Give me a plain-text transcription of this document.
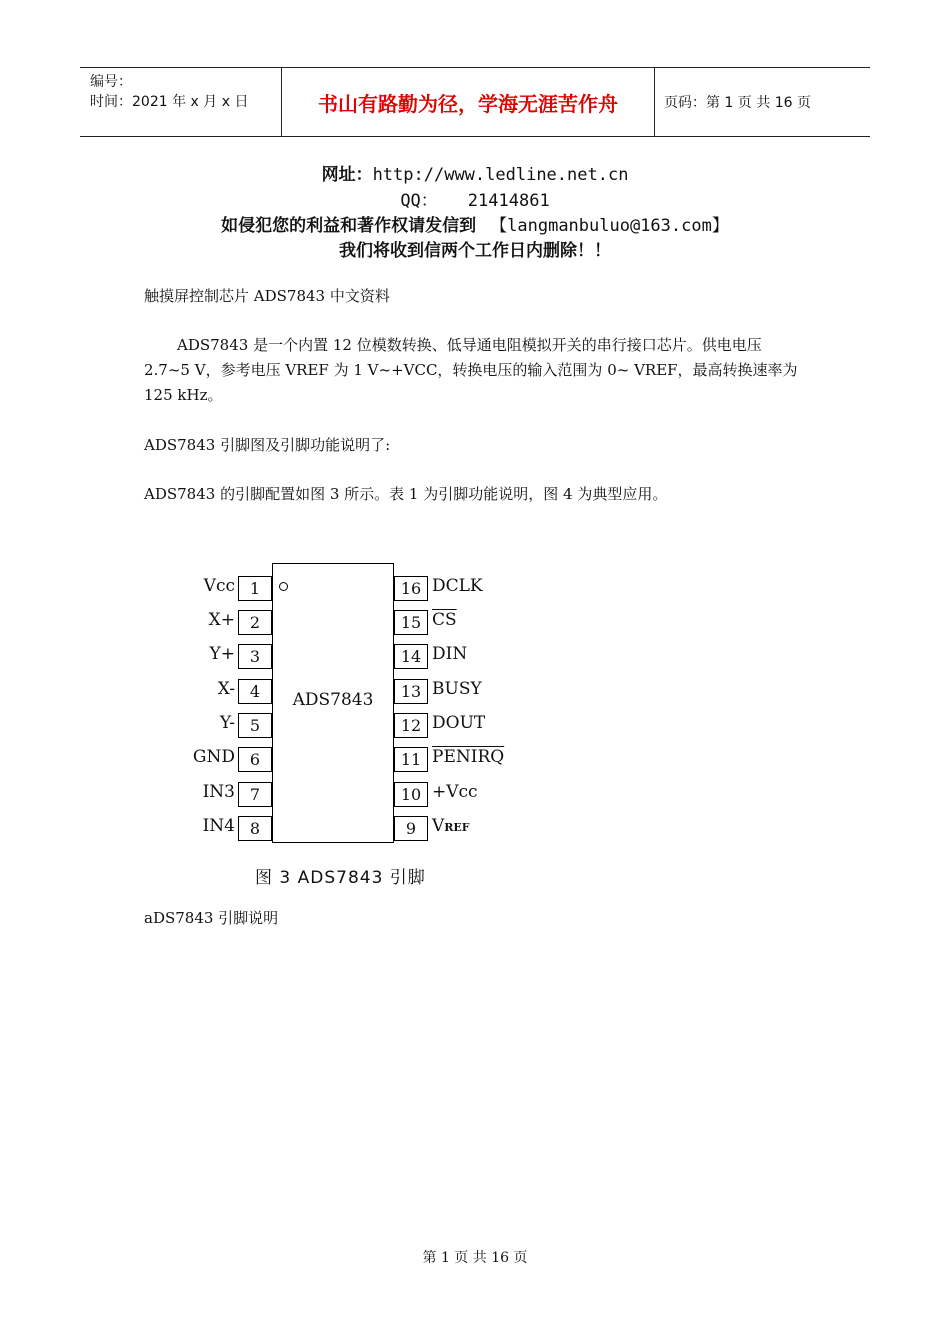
编号：
时间：2021 年 x 月 x 日	书山有路勤为径，学海无涯苦作舟	页码：第 1 页 共 16 页
网址：http://www.ledline.net.cn
QQ： 21414861
如侵犯您的利益和著作权请发信到 【langmanbuluo@163.com】
我们将收到信两个工作日内删除！！
触摸屏控制芯片 ADS7843 中文资料
ADS7843 是一个内置 12 位模数转换、低导通电阻模拟开关的串行接口芯片。供电电压 2.7~5 V，参考电压 VREF 为 1 V~+VCC，转换电压的输入范围为 0~ VREF，最高转换速率为 125 kHz。
ADS7843 引脚图及引脚功能说明了:
ADS7843 的引脚配置如图 3 所示。表 1 为引脚功能说明，图 4 为典型应用。
ADS7843
Vcc 1
X+ 2
Y+ 3
X- 4
Y- 5
GND 6
IN3 7
IN4 8
16 DCLK
15 $\overline{CS}$
14 DIN
13 BUSY
12 DOUT
11 PENIRQ
10 +Vcc
9 VREF
图 3 ADS7843 引脚
aDS7843 引脚说明
第 1 页 共 16 页
